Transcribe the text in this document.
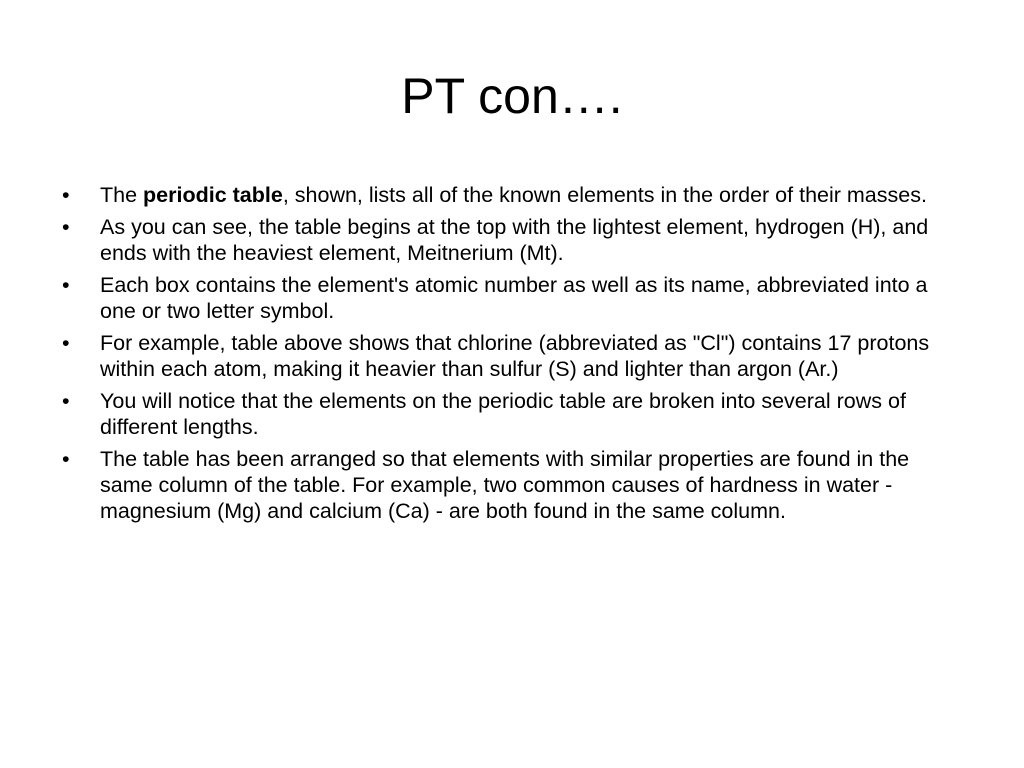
PT con….
•	The periodic table, shown, lists all of the known elements in the order of their masses.
•	As you can see, the table begins at the top with the lightest element, hydrogen (H), and ends with the heaviest element, Meitnerium (Mt).
•	Each box contains the element's atomic number as well as its name, abbreviated into a one or two letter symbol.
•	For example, table above shows that chlorine (abbreviated as "Cl") contains 17 protons within each atom, making it heavier than sulfur (S) and lighter than argon (Ar.)
•	You will notice that the elements on the periodic table are broken into several rows of different lengths.
•	The table has been arranged so that elements with similar properties are found in the same column of the table. For example, two common causes of hardness in water - magnesium (Mg) and calcium (Ca) - are both found in the same column.
